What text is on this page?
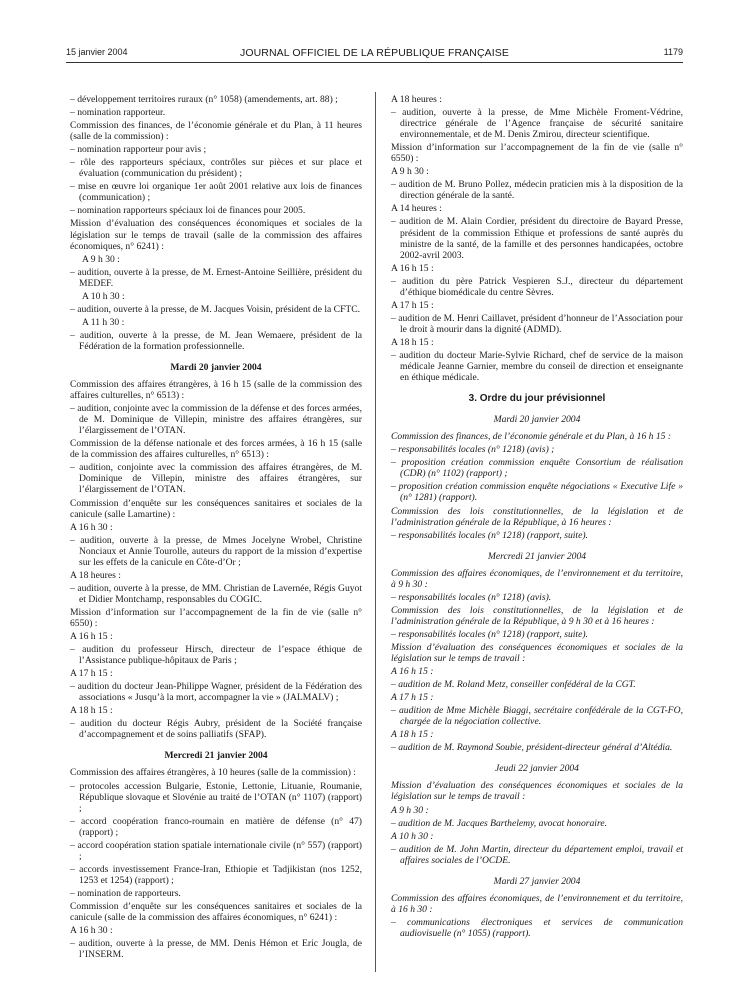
15 janvier 2004	JOURNAL OFFICIEL DE LA RÉPUBLIQUE FRANÇAISE	1179

– développement territoires ruraux (n° 1058) (amendements, art. 88) ;

– nomination rapporteur.

Commission des finances, de l’économie générale et du Plan, à 11 heures (salle de la commission) :

– nomination rapporteur pour avis ;

– rôle des rapporteurs spéciaux, contrôles sur pièces et sur place et évaluation (communication du président) ;

– mise en œuvre loi organique 1er août 2001 relative aux lois de finances (communication) ;

– nomination rapporteurs spéciaux loi de finances pour 2005.

Mission d’évaluation des conséquences économiques et sociales de la législation sur le temps de travail (salle de la commission des affaires économiques, n° 6241) :

A 9 h 30 :

– audition, ouverte à la presse, de M. Ernest-Antoine Seillière, président du MEDEF.

A 10 h 30 :

– audition, ouverte à la presse, de M. Jacques Voisin, président de la CFTC.

A 11 h 30 :

– audition, ouverte à la presse, de M. Jean Wemaere, président de la Fédération de la formation professionnelle.

Mardi 20 janvier 2004

Commission des affaires étrangères, à 16 h 15 (salle de la commission des affaires culturelles, n° 6513) :

– audition, conjointe avec la commission de la défense et des forces armées, de M. Dominique de Villepin, ministre des affaires étrangères, sur l’élargissement de l’OTAN.

Commission de la défense nationale et des forces armées, à 16 h 15 (salle de la commission des affaires culturelles, n° 6513) :

– audition, conjointe avec la commission des affaires étrangères, de M. Dominique de Villepin, ministre des affaires étrangères, sur l’élargissement de l’OTAN.

Commission d’enquête sur les conséquences sanitaires et sociales de la canicule (salle Lamartine) :

A 16 h 30 :

– audition, ouverte à la presse, de Mmes Jocelyne Wrobel, Christine Nonciaux et Annie Tourolle, auteurs du rapport de la mission d’expertise sur les effets de la canicule en Côte-d’Or ;

A 18 heures :

– audition, ouverte à la presse, de MM. Christian de Lavernée, Régis Guyot et Didier Montchamp, responsables du COGIC.

Mission d’information sur l’accompagnement de la fin de vie (salle n° 6550) :

A 16 h 15 :

– audition du professeur Hirsch, directeur de l’espace éthique de l’Assistance publique-hôpitaux de Paris ;

A 17 h 15 :

– audition du docteur Jean-Philippe Wagner, président de la Fédération des associations « Jusqu’à la mort, accompagner la vie » (JALMALV) ;

A 18 h 15 :

– audition du docteur Régis Aubry, président de la Société française d’accompagnement et de soins palliatifs (SFAP).

Mercredi 21 janvier 2004

Commission des affaires étrangères, à 10 heures (salle de la commission) :

– protocoles accession Bulgarie, Estonie, Lettonie, Lituanie, Roumanie, République slovaque et Slovénie au traité de l’OTAN (n° 1107) (rapport) ;

– accord coopération franco-roumain en matière de défense (n° 47) (rapport) ;

– accord coopération station spatiale internationale civile (n° 557) (rapport) ;

– accords investissement France-Iran, Ethiopie et Tadjikistan (nos 1252, 1253 et 1254) (rapport) ;

– nomination de rapporteurs.

Commission d’enquête sur les conséquences sanitaires et sociales de la canicule (salle de la commission des affaires économiques, n° 6241) :

A 16 h 30 :

– audition, ouverte à la presse, de MM. Denis Hémon et Eric Jougla, de l’INSERM.

A 18 heures :

– audition, ouverte à la presse, de Mme Michèle Froment-Védrine, directrice générale de l’Agence française de sécurité sanitaire environnementale, et de M. Denis Zmirou, directeur scientifique.

Mission d’information sur l’accompagnement de la fin de vie (salle n° 6550) :

A 9 h 30 :

– audition de M. Bruno Pollez, médecin praticien mis à la disposition de la direction générale de la santé.

A 14 heures :

– audition de M. Alain Cordier, président du directoire de Bayard Presse, président de la commission Ethique et professions de santé auprès du ministre de la santé, de la famille et des personnes handicapées, octobre 2002-avril 2003.

A 16 h 15 :

– audition du père Patrick Vespieren S.J., directeur du département d’éthique biomédicale du centre Sèvres.

A 17 h 15 :

– audition de M. Henri Caillavet, président d’honneur de l’Association pour le droit à mourir dans la dignité (ADMD).

A 18 h 15 :

– audition du docteur Marie-Sylvie Richard, chef de service de la maison médicale Jeanne Garnier, membre du conseil de direction et enseignante en éthique médicale.

3. Ordre du jour prévisionnel

Mardi 20 janvier 2004

Commission des finances, de l’économie générale et du Plan, à 16 h 15 :

– responsabilités locales (n° 1218) (avis) ;

– proposition création commission enquête Consortium de réalisation (CDR) (n° 1102) (rapport) ;

– proposition création commission enquête négociations « Executive Life » (n° 1281) (rapport).

Commission des lois constitutionnelles, de la législation et de l’administration générale de la République, à 16 heures :

– responsabilités locales (n° 1218) (rapport, suite).

Mercredi 21 janvier 2004

Commission des affaires économiques, de l’environnement et du territoire, à 9 h 30 :

– responsabilités locales (n° 1218) (avis).

Commission des lois constitutionnelles, de la législation et de l’administration générale de la République, à 9 h 30 et à 16 heures :

– responsabilités locales (n° 1218) (rapport, suite).

Mission d’évaluation des conséquences économiques et sociales de la législation sur le temps de travail :

A 16 h 15 :

– audition de M. Roland Metz, conseiller confédéral de la CGT.

A 17 h 15 :

– audition de Mme Michèle Biaggi, secrétaire confédérale de la CGT-FO, chargée de la négociation collective.

A 18 h 15 :

– audition de M. Raymond Soubie, président-directeur général d’Altédia.

Jeudi 22 janvier 2004

Mission d’évaluation des conséquences économiques et sociales de la législation sur le temps de travail :

A 9 h 30 :

– audition de M. Jacques Barthelemy, avocat honoraire.

A 10 h 30 :

– audition de M. John Martin, directeur du département emploi, travail et affaires sociales de l’OCDE.

Mardi 27 janvier 2004

Commission des affaires économiques, de l’environnement et du territoire, à 16 h 30 :

– communications électroniques et services de communication audiovisuelle (n° 1055) (rapport).
